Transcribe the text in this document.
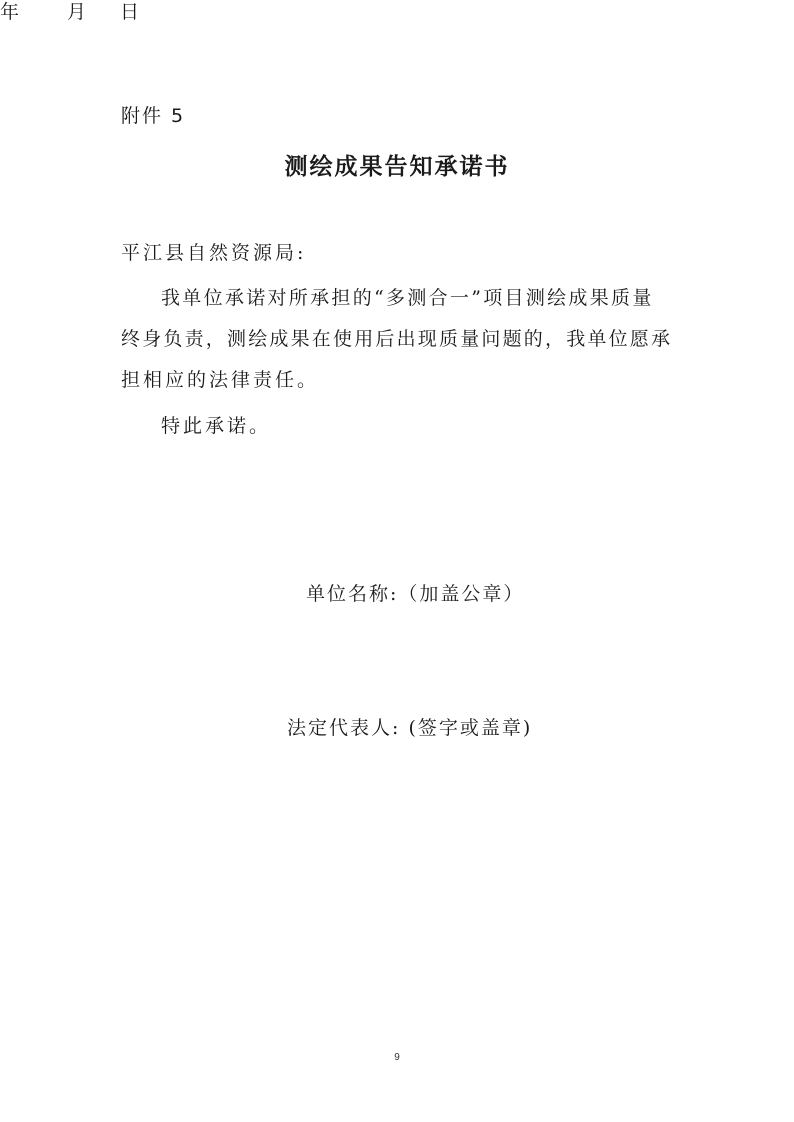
附件 5
测绘成果告知承诺书
平江县自然资源局:
我单位承诺对所承担的“多测合一”项目测绘成果质量
终身负责，测绘成果在使用后出现质量问题的，我单位愿承
担相应的法律责任。
特此承诺。
单位名称:（加盖公章）
法定代表人: (签字或盖章)
年	月 日
9
